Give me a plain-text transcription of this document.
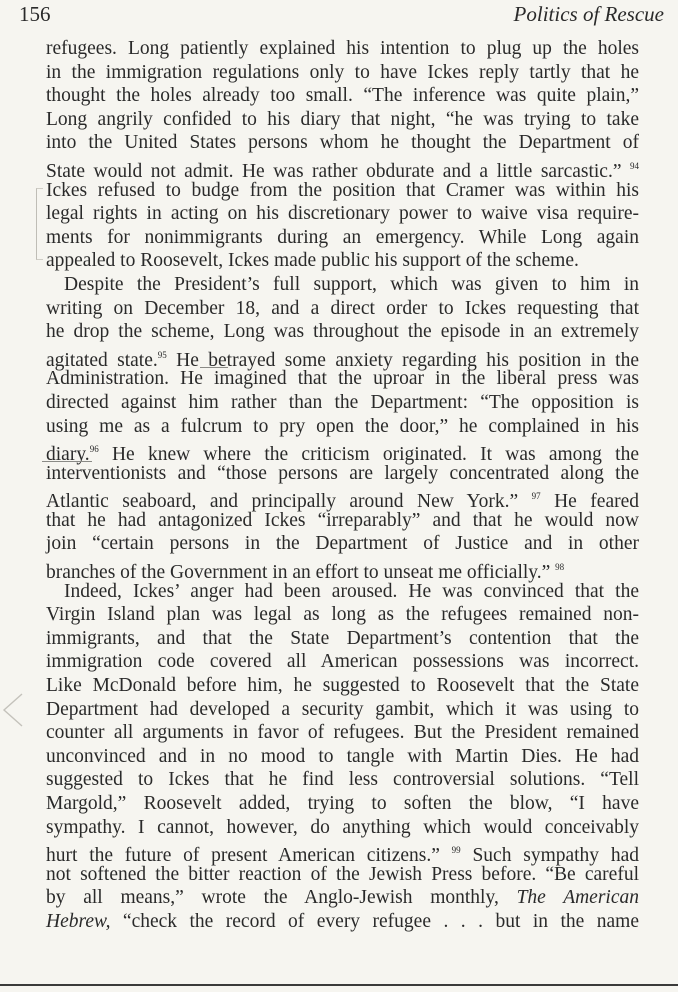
156	Politics of Rescue
refugees. Long patiently explained his intention to plug up the holes
in the immigration regulations only to have Ickes reply tartly that he
thought the holes already too small. “The inference was quite plain,”
Long angrily confided to his diary that night, “he was trying to take
into the United States persons whom he thought the Department of
State would not admit. He was rather obdurate and a little sarcastic.” $^{94}$
Ickes refused to budge from the position that Cramer was within his
legal rights in acting on his discretionary power to waive visa require-
ments for nonimmigrants during an emergency. While Long again
appealed to Roosevelt, Ickes made public his support of the scheme.
Despite the President’s full support, which was given to him in
writing on December 18, and a direct order to Ickes requesting that
he drop the scheme, Long was throughout the episode in an extremely
agitated state.$^{95}$ He betrayed some anxiety regarding his position in the
Administration. He imagined that the uproar in the liberal press was
directed against him rather than the Department: “The opposition is
using me as a fulcrum to pry open the door,” he complained in his
diary.$^{96}$ He knew where the criticism originated. It was among the
interventionists and “those persons are largely concentrated along the
Atlantic seaboard, and principally around New York.” $^{97}$ He feared
that he had antagonized Ickes “irreparably” and that he would now
join “certain persons in the Department of Justice and in other
branches of the Government in an effort to unseat me officially.” $^{98}$
Indeed, Ickes’ anger had been aroused. He was convinced that the
Virgin Island plan was legal as long as the refugees remained non-
immigrants, and that the State Department’s contention that the
immigration code covered all American possessions was incorrect.
Like McDonald before him, he suggested to Roosevelt that the State
Department had developed a security gambit, which it was using to
counter all arguments in favor of refugees. But the President remained
unconvinced and in no mood to tangle with Martin Dies. He had
suggested to Ickes that he find less controversial solutions. “Tell
Margold,” Roosevelt added, trying to soften the blow, “I have
sympathy. I cannot, however, do anything which would conceivably
hurt the future of present American citizens.” $^{99}$ Such sympathy had
not softened the bitter reaction of the Jewish Press before. “Be careful
by all means,” wrote the Anglo-Jewish monthly, The American
Hebrew, “check the record of every refugee . . . but in the name
